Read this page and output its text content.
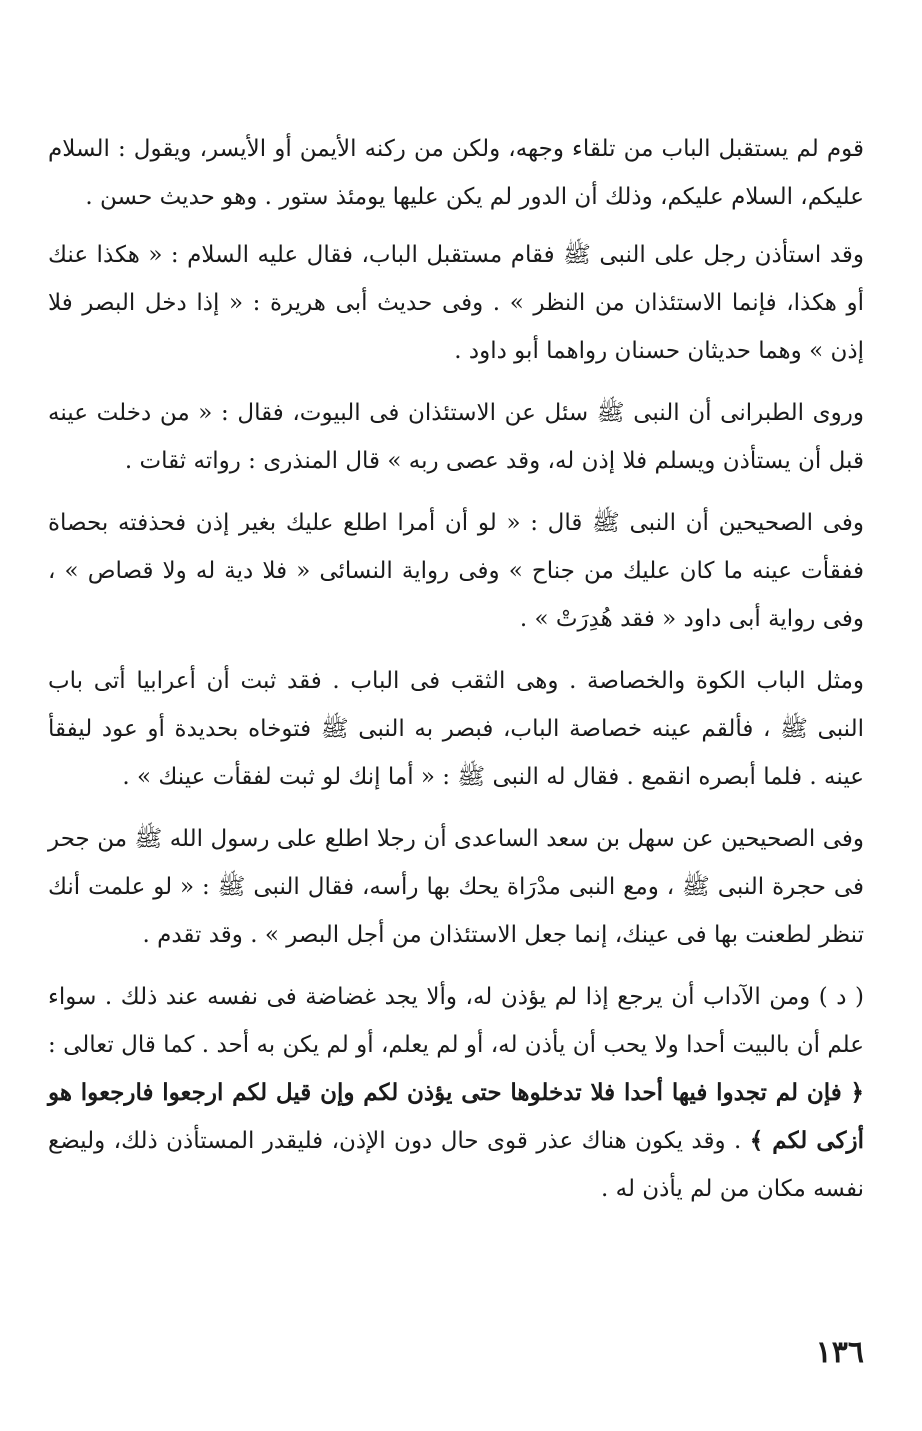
قوم لم يستقبل الباب من تلقاء وجهه، ولكن من ركنه الأيمن أو الأيسر، ويقول : السلام عليكم، السلام عليكم، وذلك أن الدور لم يكن عليها يومئذ ستور . وهو حديث حسن .

وقد استأذن رجل على النبى ﷺ فقام مستقبل الباب، فقال عليه السلام : « هكذا عنك أو هكذا، فإنما الاستئذان من النظر » . وفى حديث أبى هريرة : « إذا دخل البصر فلا إذن » وهما حديثان حسنان رواهما أبو داود .

وروى الطبرانى أن النبى ﷺ سئل عن الاستئذان فى البيوت، فقال : « من دخلت عينه قبل أن يستأذن ويسلم فلا إذن له، وقد عصى ربه » قال المنذرى : رواته ثقات .

وفى الصحيحين أن النبى ﷺ قال : « لو أن أمرا اطلع عليك بغير إذن فحذفته بحصاة ففقأت عينه ما كان عليك من جناح » وفى رواية النسائى « فلا دية له ولا قصاص » ، وفى رواية أبى داود « فقد هُدِرَتْ » .

ومثل الباب الكوة والخصاصة . وهى الثقب فى الباب . فقد ثبت أن أعرابيا أتى باب النبى ﷺ ، فألقم عينه خصاصة الباب، فبصر به النبى ﷺ فتوخاه بحديدة أو عود ليفقأ عينه . فلما أبصره انقمع . فقال له النبى ﷺ : « أما إنك لو ثبت لفقأت عينك » .

وفى الصحيحين عن سهل بن سعد الساعدى أن رجلا اطلع على رسول الله ﷺ من جحر فى حجرة النبى ﷺ ، ومع النبى مدْرَاة يحك بها رأسه، فقال النبى ﷺ : « لو علمت أنك تنظر لطعنت بها فى عينك، إنما جعل الاستئذان من أجل البصر » . وقد تقدم .

( د ) ومن الآداب أن يرجع إذا لم يؤذن له، وألا يجد غضاضة فى نفسه عند ذلك . سواء علم أن بالبيت أحدا ولا يحب أن يأذن له، أو لم يعلم، أو لم يكن به أحد . كما قال تعالى : ﴿ فإن لم تجدوا فيها أحدا فلا تدخلوها حتى يؤذن لكم وإن قيل لكم ارجعوا فارجعوا هو أزكى لكم ﴾ . وقد يكون هناك عذر قوى حال دون الإذن، فليقدر المستأذن ذلك، وليضع نفسه مكان من لم يأذن له .

١٣٦
